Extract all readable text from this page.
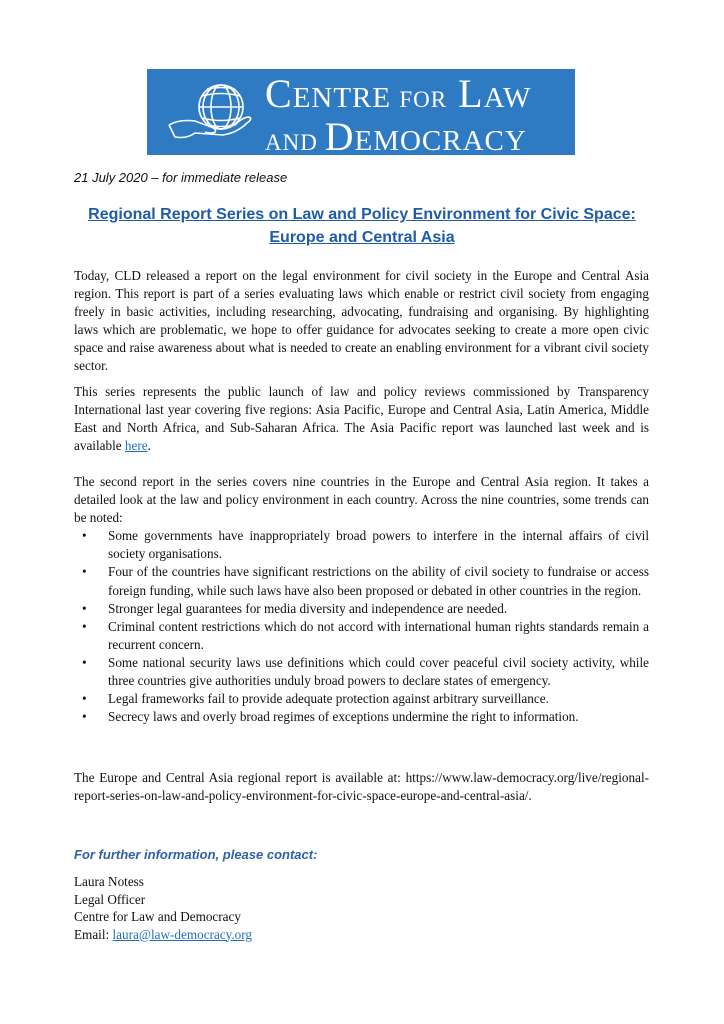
CENTRE FOR LAW
AND DEMOCRACY
21 July 2020 – for immediate release
Regional Report Series on Law and Policy Environment for Civic Space:
Europe and Central Asia
Today, CLD released a report on the legal environment for civil society in the Europe and Central Asia region. This report is part of a series evaluating laws which enable or restrict civil society from engaging freely in basic activities, including researching, advocating, fundraising and organising. By highlighting laws which are problematic, we hope to offer guidance for advocates seeking to create a more open civic space and raise awareness about what is needed to create an enabling environment for a vibrant civil society sector.
This series represents the public launch of law and policy reviews commissioned by Transparency International last year covering five regions: Asia Pacific, Europe and Central Asia, Latin America, Middle East and North Africa, and Sub-Saharan Africa. The Asia Pacific report was launched last week and is available here.
The second report in the series covers nine countries in the Europe and Central Asia region. It takes a detailed look at the law and policy environment in each country. Across the nine countries, some trends can be noted:
• Some governments have inappropriately broad powers to interfere in the internal affairs of civil society organisations.
• Four of the countries have significant restrictions on the ability of civil society to fundraise or access foreign funding, while such laws have also been proposed or debated in other countries in the region.
• Stronger legal guarantees for media diversity and independence are needed.
• Criminal content restrictions which do not accord with international human rights standards remain a recurrent concern.
• Some national security laws use definitions which could cover peaceful civil society activity, while three countries give authorities unduly broad powers to declare states of emergency.
• Legal frameworks fail to provide adequate protection against arbitrary surveillance.
• Secrecy laws and overly broad regimes of exceptions undermine the right to information.
The Europe and Central Asia regional report is available at: https://www.law-democracy.org/live/regional-report-series-on-law-and-policy-environment-for-civic-space-europe-and-central-asia/.
For further information, please contact:
Laura Notess
Legal Officer
Centre for Law and Democracy
Email: laura@law-democracy.org
